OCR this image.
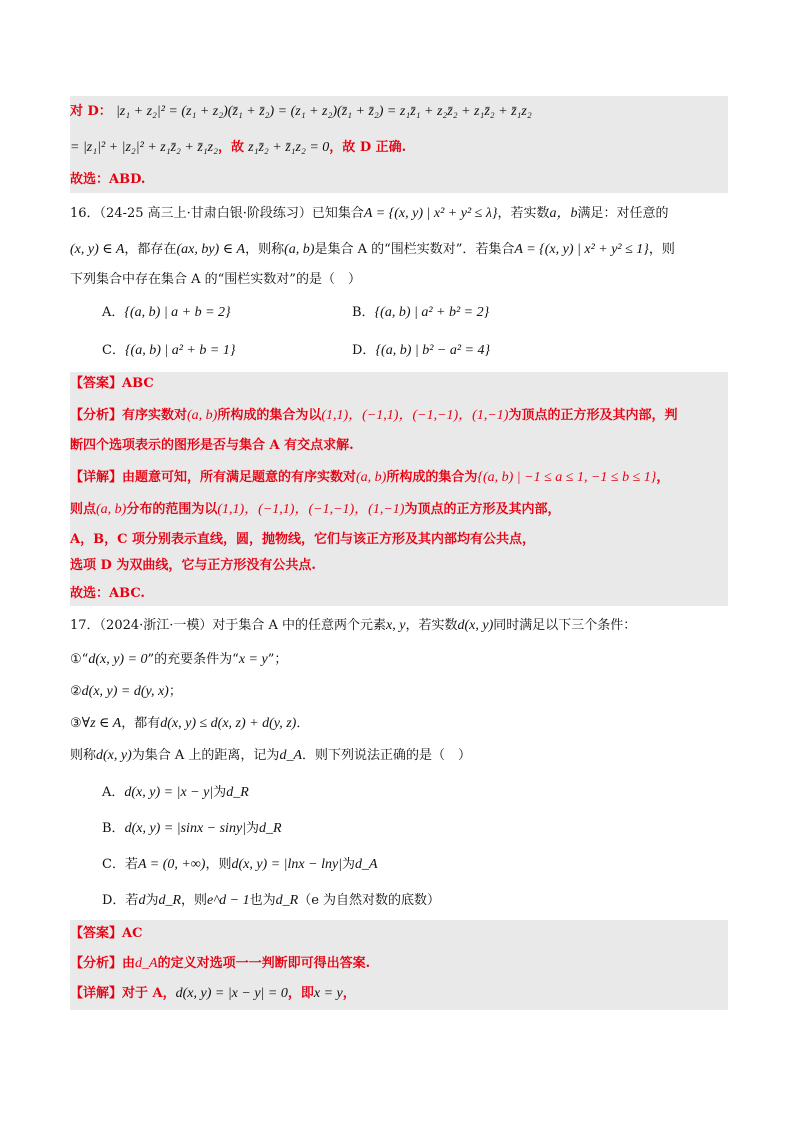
对 D： |z₁ + z₂|² = (z₁ + z₂)(z̄₁ + z̄₂) = (z₁ + z₂)(z̄₁ + z̄₂) = z₁z̄₁ + z₂z̄₂ + z₁z̄₂ + z̄₁z₂
= |z₁|² + |z₂|² + z₁z̄₂ + z̄₁z₂，故 z₁z̄₂ + z̄₁z₂ = 0，故 D 正确.
故选：ABD.
16．（24-25 高三上·甘肃白银·阶段练习）已知集合A = {(x, y) | x² + y² ≤ λ}，若实数a，b满足：对任意的
(x, y) ∈ A，都存在(ax, by) ∈ A，则称(a, b)是集合 A 的“围栏实数对”．若集合A = {(x, y) | x² + y² ≤ 1}，则
下列集合中存在集合 A 的“围栏实数对”的是（　）
A．{(a, b) | a + b = 2}	B．{(a, b) | a² + b² = 2}
C．{(a, b) | a² + b = 1}	D．{(a, b) | b² − a² = 4}
【答案】ABC
【分析】有序实数对(a, b)所构成的集合为以(1,1)，(−1,1)，(−1,−1)，(1,−1)为顶点的正方形及其内部，判
断四个选项表示的图形是否与集合 A 有交点求解.
【详解】由题意可知，所有满足题意的有序实数对(a, b)所构成的集合为{(a, b) | −1 ≤ a ≤ 1, −1 ≤ b ≤ 1}，
则点(a, b)分布的范围为以(1,1)，(−1,1)，(−1,−1)，(1,−1)为顶点的正方形及其内部，
A，B，C 项分别表示直线，圆，抛物线，它们与该正方形及其内部均有公共点，
选项 D 为双曲线，它与正方形没有公共点.
故选：ABC.
17．（2024·浙江·一模）对于集合 A 中的任意两个元素x, y，若实数d(x, y)同时满足以下三个条件：
①“d(x, y) = 0”的充要条件为“x = y”；
②d(x, y) = d(y, x)；
③∀z ∈ A，都有d(x, y) ≤ d(x, z) + d(y, z)．
则称d(x, y)为集合 A 上的距离，记为d_A．则下列说法正确的是（　）
A．d(x, y) = |x − y|为d_R
B．d(x, y) = |sinx − siny|为d_R
C．若A = (0, +∞)，则d(x, y) = |lnx − lny|为d_A
D．若d为d_R，则e^d − 1也为d_R（e 为自然对数的底数）
【答案】AC
【分析】由d_A的定义对选项一一判断即可得出答案.
【详解】对于 A，d(x, y) = |x − y| = 0，即x = y，
